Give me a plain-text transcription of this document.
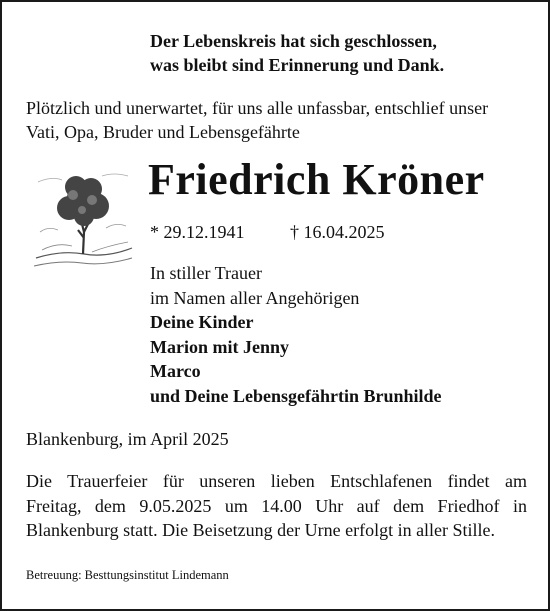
Der Lebenskreis hat sich geschlossen,
was bleibt sind Erinnerung und Dank.
Plötzlich und unerwartet, für uns alle unfassbar, entschlief unser
Vati, Opa, Bruder und Lebensgefährte
Friedrich Kröner
* 29.12.1941	† 16.04.2025
In stiller Trauer
im Namen aller Angehörigen
Deine Kinder
Marion mit Jenny
Marco
und Deine Lebensgefährtin Brunhilde
Blankenburg, im April 2025
Die Trauerfeier für unseren lieben Entschlafenen findet am
Freitag, dem 9.05.2025 um 14.00 Uhr auf dem Friedhof in
Blankenburg statt. Die Beisetzung der Urne erfolgt in aller Stille.
Betreuung: Besttungsinstitut Lindemann
